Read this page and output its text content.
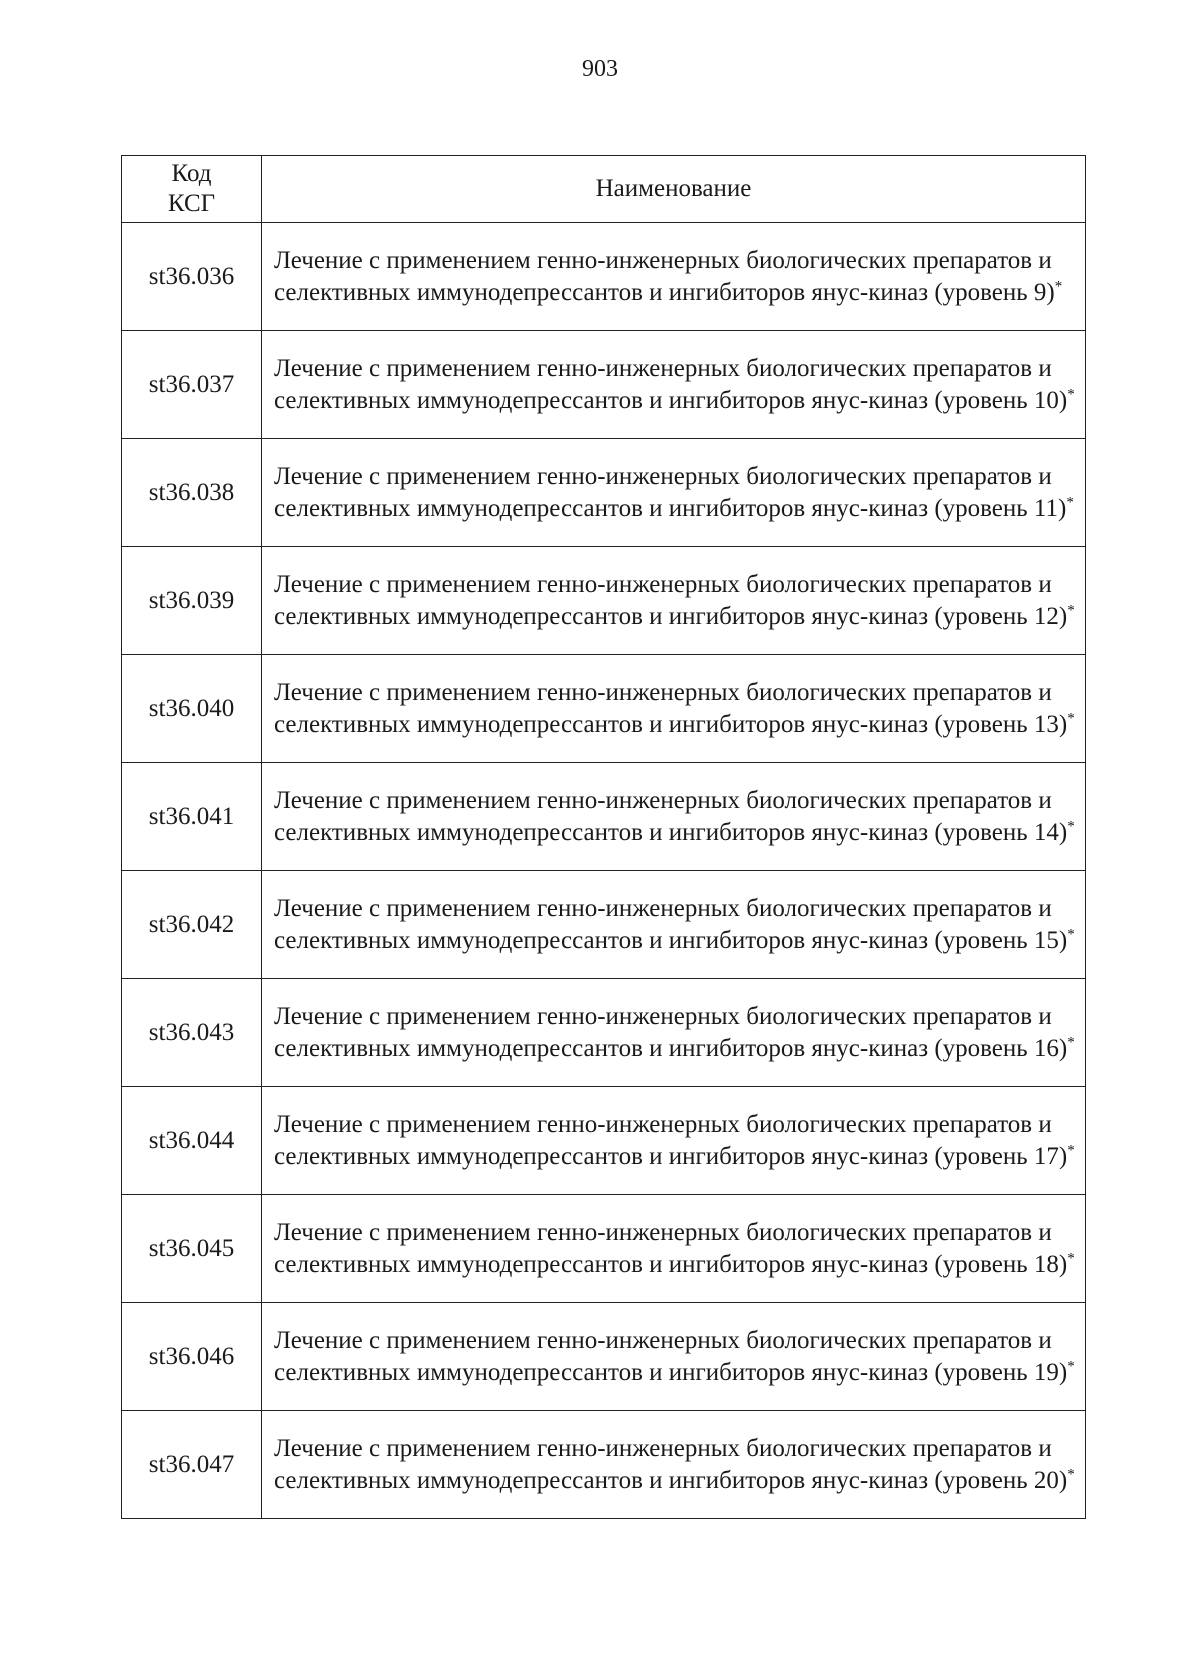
903
Код
КСГ	Наименование
st36.036	Лечение с применением генно-инженерных биологических препаратов и селективных иммунодепрессантов и ингибиторов янус-киназ (уровень 9)*
st36.037	Лечение с применением генно-инженерных биологических препаратов и селективных иммунодепрессантов и ингибиторов янус-киназ (уровень 10)*
st36.038	Лечение с применением генно-инженерных биологических препаратов и селективных иммунодепрессантов и ингибиторов янус-киназ (уровень 11)*
st36.039	Лечение с применением генно-инженерных биологических препаратов и селективных иммунодепрессантов и ингибиторов янус-киназ (уровень 12)*
st36.040	Лечение с применением генно-инженерных биологических препаратов и селективных иммунодепрессантов и ингибиторов янус-киназ (уровень 13)*
st36.041	Лечение с применением генно-инженерных биологических препаратов и селективных иммунодепрессантов и ингибиторов янус-киназ (уровень 14)*
st36.042	Лечение с применением генно-инженерных биологических препаратов и селективных иммунодепрессантов и ингибиторов янус-киназ (уровень 15)*
st36.043	Лечение с применением генно-инженерных биологических препаратов и селективных иммунодепрессантов и ингибиторов янус-киназ (уровень 16)*
st36.044	Лечение с применением генно-инженерных биологических препаратов и селективных иммунодепрессантов и ингибиторов янус-киназ (уровень 17)*
st36.045	Лечение с применением генно-инженерных биологических препаратов и селективных иммунодепрессантов и ингибиторов янус-киназ (уровень 18)*
st36.046	Лечение с применением генно-инженерных биологических препаратов и селективных иммунодепрессантов и ингибиторов янус-киназ (уровень 19)*
st36.047	Лечение с применением генно-инженерных биологических препаратов и селективных иммунодепрессантов и ингибиторов янус-киназ (уровень 20)*
